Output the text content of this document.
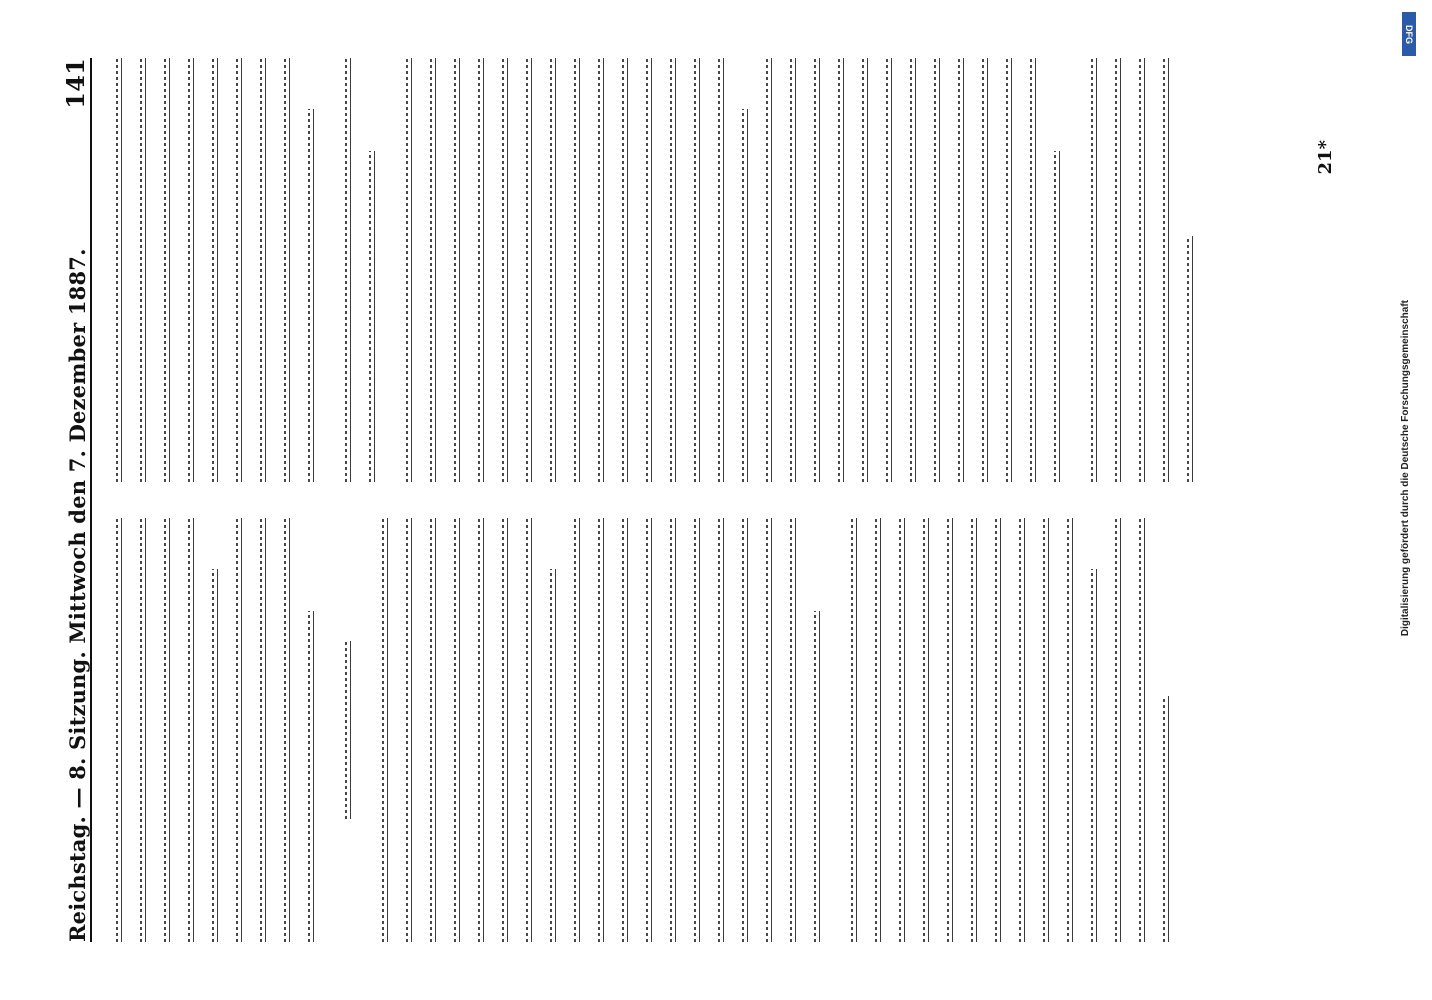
Reichstag. — 8. Sitzung. Mittwoch den 7. Dezember 1887.
141
21*
DFG
Digitalisierung gefördert durch die Deutsche Forschungsgemeinschaft
